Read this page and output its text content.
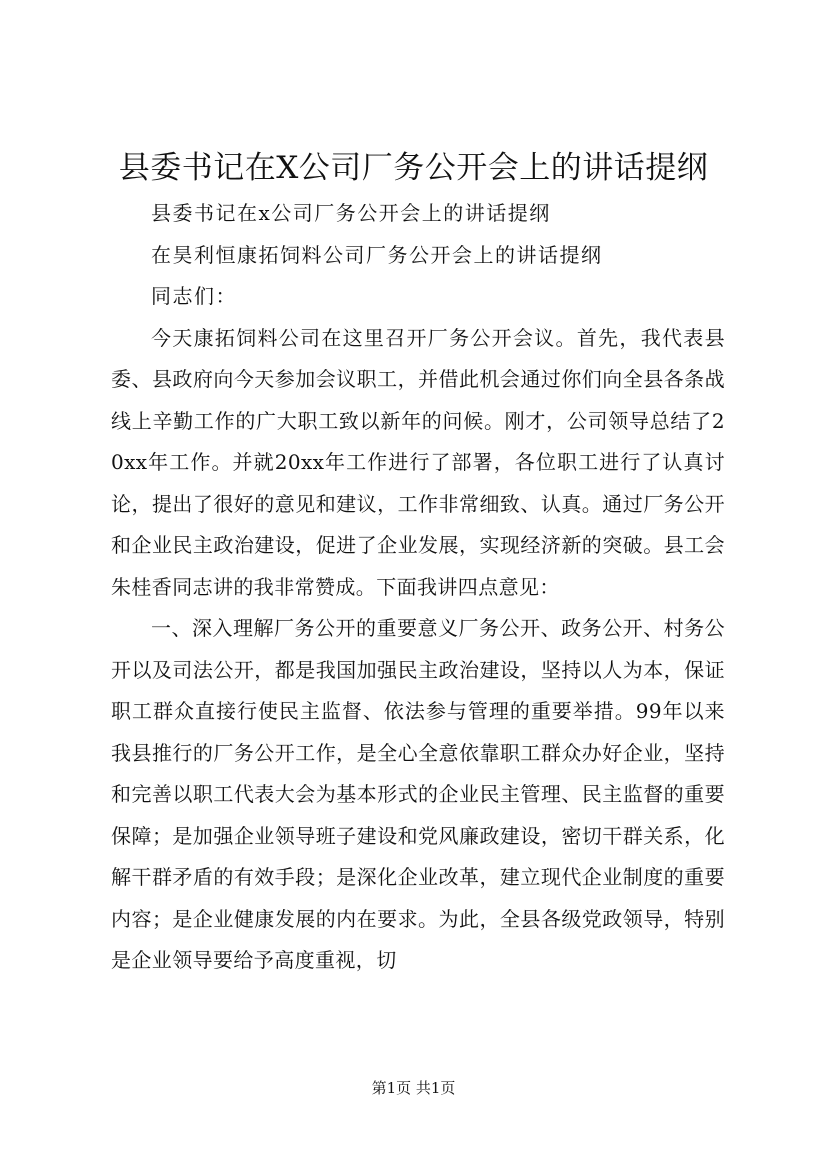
县委书记在X公司厂务公开会上的讲话提纲

县委书记在x公司厂务公开会上的讲话提纲

在昊利恒康拓饲料公司厂务公开会上的讲话提纲

同志们：

今天康拓饲料公司在这里召开厂务公开会议。首先，我代表县委、县政府向今天参加会议职工，并借此机会通过你们向全县各条战线上辛勤工作的广大职工致以新年的问候。刚才，公司领导总结了20xx年工作。并就20xx年工作进行了部署，各位职工进行了认真讨论，提出了很好的意见和建议，工作非常细致、认真。通过厂务公开和企业民主政治建设，促进了企业发展，实现经济新的突破。县工会朱桂香同志讲的我非常赞成。下面我讲四点意见：

一、深入理解厂务公开的重要意义厂务公开、政务公开、村务公开以及司法公开，都是我国加强民主政治建设，坚持以人为本，保证职工群众直接行使民主监督、依法参与管理的重要举措。99年以来我县推行的厂务公开工作，是全心全意依靠职工群众办好企业，坚持和完善以职工代表大会为基本形式的企业民主管理、民主监督的重要保障；是加强企业领导班子建设和党风廉政建设，密切干群关系，化解干群矛盾的有效手段；是深化企业改革，建立现代企业制度的重要内容；是企业健康发展的内在要求。为此，全县各级党政领导，特别是企业领导要给予高度重视，切

第1页 共1页
